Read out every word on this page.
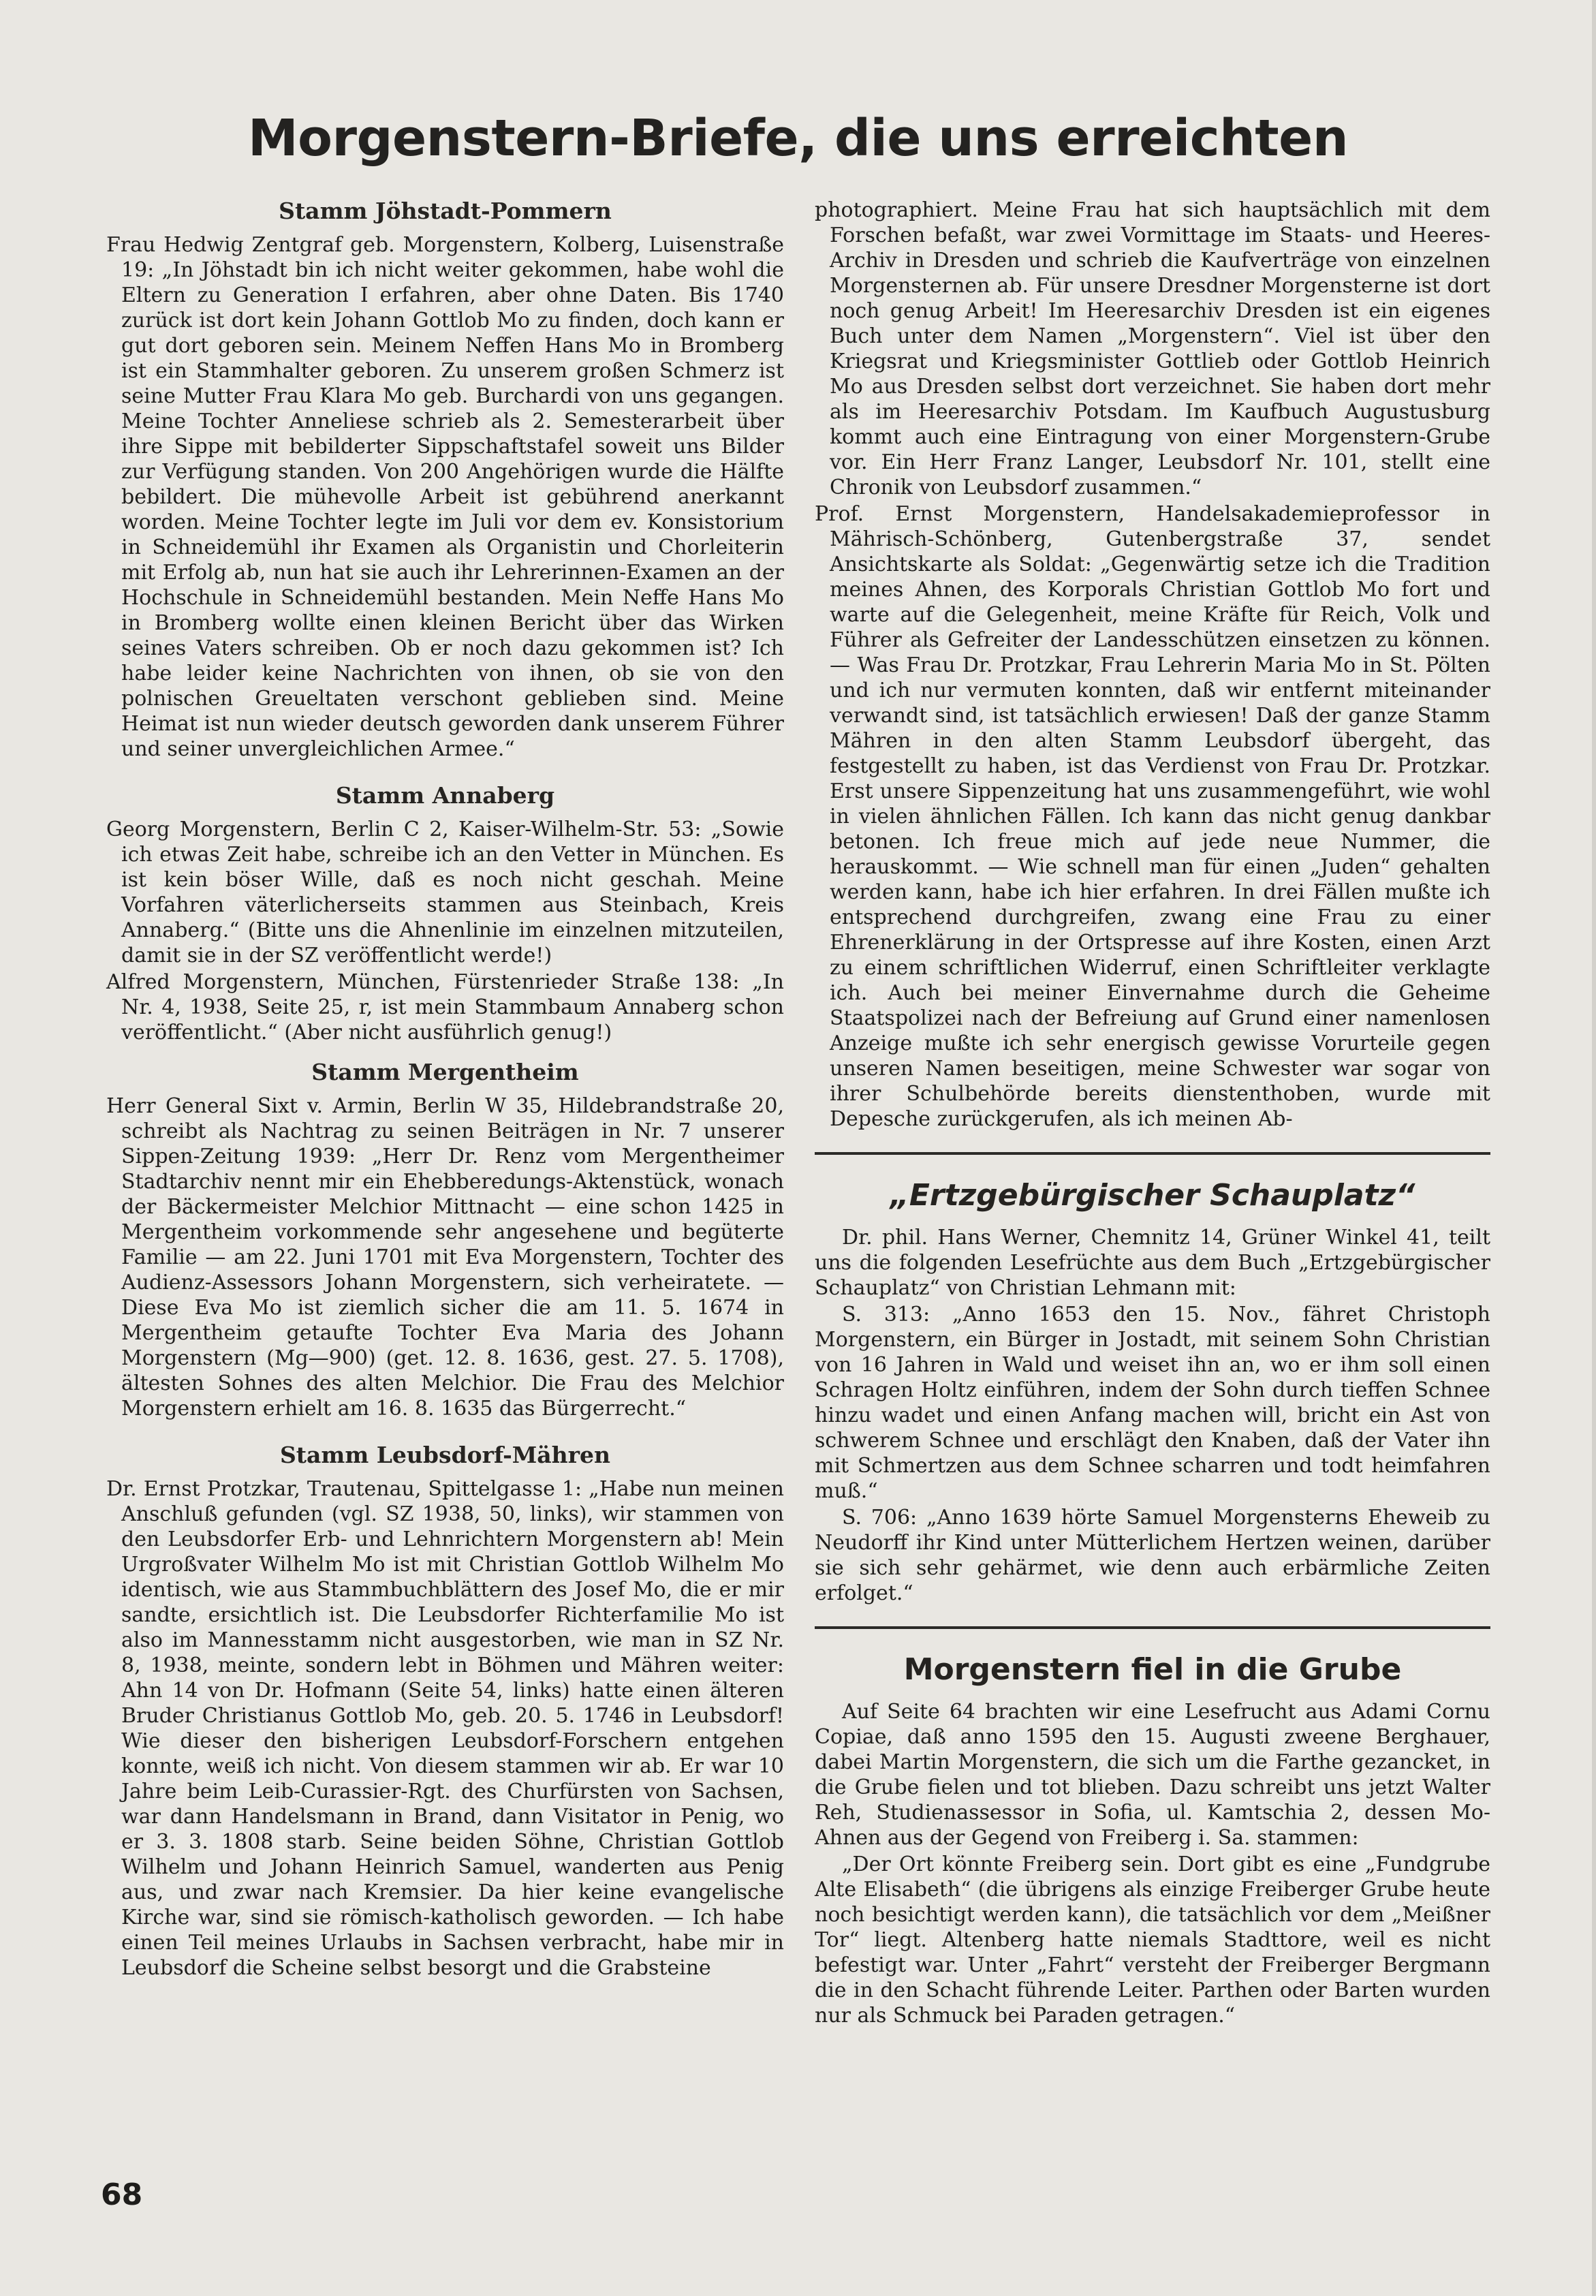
Morgenstern-Briefe, die uns erreichten
Stamm Jöhstadt-Pommern

Frau Hedwig Zentgraf geb. Morgenstern, Kolberg, Luisenstraße 19: „In Jöhstadt bin ich nicht weiter gekommen, habe wohl die Eltern zu Generation I erfahren, aber ohne Daten. Bis 1740 zurück ist dort kein Johann Gottlob Mo zu finden, doch kann er gut dort geboren sein. Meinem Neffen Hans Mo in Bromberg ist ein Stammhalter geboren. Zu unserem großen Schmerz ist seine Mutter Frau Klara Mo geb. Burchardi von uns gegangen. Meine Tochter Anneliese schrieb als 2. Semesterarbeit über ihre Sippe mit bebilderter Sippschaftstafel soweit uns Bilder zur Verfügung standen. Von 200 Angehörigen wurde die Hälfte bebildert. Die mühevolle Arbeit ist gebührend anerkannt worden. Meine Tochter legte im Juli vor dem ev. Konsistorium in Schneidemühl ihr Examen als Organistin und Chorleiterin mit Erfolg ab, nun hat sie auch ihr Lehrerinnen-Examen an der Hochschule in Schneidemühl bestanden. Mein Neffe Hans Mo in Bromberg wollte einen kleinen Bericht über das Wirken seines Vaters schreiben. Ob er noch dazu gekommen ist? Ich habe leider keine Nachrichten von ihnen, ob sie von den polnischen Greueltaten verschont geblieben sind. Meine Heimat ist nun wieder deutsch geworden dank unserem Führer und seiner unvergleichlichen Armee.“

Stamm Annaberg

Georg Morgenstern, Berlin C 2, Kaiser-Wilhelm-Str. 53: „Sowie ich etwas Zeit habe, schreibe ich an den Vetter in München. Es ist kein böser Wille, daß es noch nicht geschah. Meine Vorfahren väterlicherseits stammen aus Steinbach, Kreis Annaberg.“ (Bitte uns die Ahnenlinie im einzelnen mitzuteilen, damit sie in der SZ veröffentlicht werde!)

Alfred Morgenstern, München, Fürstenrieder Straße 138: „In Nr. 4, 1938, Seite 25, r, ist mein Stammbaum Annaberg schon veröffentlicht.“ (Aber nicht ausführlich genug!)

Stamm Mergentheim

Herr General Sixt v. Armin, Berlin W 35, Hildebrandstraße 20, schreibt als Nachtrag zu seinen Beiträgen in Nr. 7 unserer Sippen-Zeitung 1939: „Herr Dr. Renz vom Mergentheimer Stadtarchiv nennt mir ein Ehebberedungs-Aktenstück, wonach der Bäckermeister Melchior Mittnacht — eine schon 1425 in Mergentheim vorkommende sehr angesehene und begüterte Familie — am 22. Juni 1701 mit Eva Morgenstern, Tochter des Audienz-Assessors Johann Morgenstern, sich verheiratete. — Diese Eva Mo ist ziemlich sicher die am 11. 5. 1674 in Mergentheim getaufte Tochter Eva Maria des Johann Morgenstern (Mg—900) (get. 12. 8. 1636, gest. 27. 5. 1708), ältesten Sohnes des alten Melchior. Die Frau des Melchior Morgenstern erhielt am 16. 8. 1635 das Bürgerrecht.“

Stamm Leubsdorf-Mähren

Dr. Ernst Protzkar, Trautenau, Spittelgasse 1: „Habe nun meinen Anschluß gefunden (vgl. SZ 1938, 50, links), wir stammen von den Leubsdorfer Erb- und Lehnrichtern Morgenstern ab! Mein Urgroßvater Wilhelm Mo ist mit Christian Gottlob Wilhelm Mo identisch, wie aus Stammbuchblättern des Josef Mo, die er mir sandte, ersichtlich ist. Die Leubsdorfer Richterfamilie Mo ist also im Mannesstamm nicht ausgestorben, wie man in SZ Nr. 8, 1938, meinte, sondern lebt in Böhmen und Mähren weiter: Ahn 14 von Dr. Hofmann (Seite 54, links) hatte einen älteren Bruder Christianus Gottlob Mo, geb. 20. 5. 1746 in Leubsdorf! Wie dieser den bisherigen Leubsdorf-Forschern entgehen konnte, weiß ich nicht. Von diesem stammen wir ab. Er war 10 Jahre beim Leib-Curassier-Rgt. des Churfürsten von Sachsen, war dann Handelsmann in Brand, dann Visitator in Penig, wo er 3. 3. 1808 starb. Seine beiden Söhne, Christian Gottlob Wilhelm und Johann Heinrich Samuel, wanderten aus Penig aus, und zwar nach Kremsier. Da hier keine evangelische Kirche war, sind sie römisch-katholisch geworden. — Ich habe einen Teil meines Urlaubs in Sachsen verbracht, habe mir in Leubsdorf die Scheine selbst besorgt und die Grabsteine

photographiert. Meine Frau hat sich hauptsächlich mit dem Forschen befaßt, war zwei Vormittage im Staats- und Heeres-Archiv in Dresden und schrieb die Kaufverträge von einzelnen Morgensternen ab. Für unsere Dresdner Morgensterne ist dort noch genug Arbeit! Im Heeresarchiv Dresden ist ein eigenes Buch unter dem Namen „Morgenstern“. Viel ist über den Kriegsrat und Kriegsminister Gottlieb oder Gottlob Heinrich Mo aus Dresden selbst dort verzeichnet. Sie haben dort mehr als im Heeresarchiv Potsdam. Im Kaufbuch Augustusburg kommt auch eine Eintragung von einer Morgenstern-Grube vor. Ein Herr Franz Langer, Leubsdorf Nr. 101, stellt eine Chronik von Leubsdorf zusammen.“

Prof. Ernst Morgenstern, Handelsakademieprofessor in Mährisch-Schönberg, Gutenbergstraße 37, sendet Ansichtskarte als Soldat: „Gegenwärtig setze ich die Tradition meines Ahnen, des Korporals Christian Gottlob Mo fort und warte auf die Gelegenheit, meine Kräfte für Reich, Volk und Führer als Gefreiter der Landesschützen einsetzen zu können. — Was Frau Dr. Protzkar, Frau Lehrerin Maria Mo in St. Pölten und ich nur vermuten konnten, daß wir entfernt miteinander verwandt sind, ist tatsächlich erwiesen! Daß der ganze Stamm Mähren in den alten Stamm Leubsdorf übergeht, das festgestellt zu haben, ist das Verdienst von Frau Dr. Protzkar. Erst unsere Sippenzeitung hat uns zusammengeführt, wie wohl in vielen ähnlichen Fällen. Ich kann das nicht genug dankbar betonen. Ich freue mich auf jede neue Nummer, die herauskommt. — Wie schnell man für einen „Juden“ gehalten werden kann, habe ich hier erfahren. In drei Fällen mußte ich entsprechend durchgreifen, zwang eine Frau zu einer Ehrenerklärung in der Ortspresse auf ihre Kosten, einen Arzt zu einem schriftlichen Widerruf, einen Schriftleiter verklagte ich. Auch bei meiner Einvernahme durch die Geheime Staatspolizei nach der Befreiung auf Grund einer namenlosen Anzeige mußte ich sehr energisch gewisse Vorurteile gegen unseren Namen beseitigen, meine Schwester war sogar von ihrer Schulbehörde bereits dienstenthoben, wurde mit Depesche zurückgerufen, als ich meinen Ab-

„Ertzgebürgischer Schauplatz“

Dr. phil. Hans Werner, Chemnitz 14, Grüner Winkel 41, teilt uns die folgenden Lesefrüchte aus dem Buch „Ertzgebürgischer Schauplatz“ von Christian Lehmann mit:

S. 313: „Anno 1653 den 15. Nov., fähret Christoph Morgenstern, ein Bürger in Jostadt, mit seinem Sohn Christian von 16 Jahren in Wald und weiset ihn an, wo er ihm soll einen Schragen Holtz einführen, indem der Sohn durch tieffen Schnee hinzu wadet und einen Anfang machen will, bricht ein Ast von schwerem Schnee und erschlägt den Knaben, daß der Vater ihn mit Schmertzen aus dem Schnee scharren und todt heimfahren muß.“

S. 706: „Anno 1639 hörte Samuel Morgensterns Eheweib zu Neudorff ihr Kind unter Mütterlichem Hertzen weinen, darüber sie sich sehr gehärmet, wie denn auch erbärmliche Zeiten erfolget.“

Morgenstern fiel in die Grube

Auf Seite 64 brachten wir eine Lesefrucht aus Adami Cornu Copiae, daß anno 1595 den 15. Augusti zweene Berghauer, dabei Martin Morgenstern, die sich um die Farthe gezancket, in die Grube fielen und tot blieben. Dazu schreibt uns jetzt Walter Reh, Studienassessor in Sofia, ul. Kamtschia 2, dessen Mo-Ahnen aus der Gegend von Freiberg i. Sa. stammen:

„Der Ort könnte Freiberg sein. Dort gibt es eine „Fundgrube Alte Elisabeth“ (die übrigens als einzige Freiberger Grube heute noch besichtigt werden kann), die tatsächlich vor dem „Meißner Tor“ liegt. Altenberg hatte niemals Stadttore, weil es nicht befestigt war. Unter „Fahrt“ versteht der Freiberger Bergmann die in den Schacht führende Leiter. Parthen oder Barten wurden nur als Schmuck bei Paraden getragen.“

68
